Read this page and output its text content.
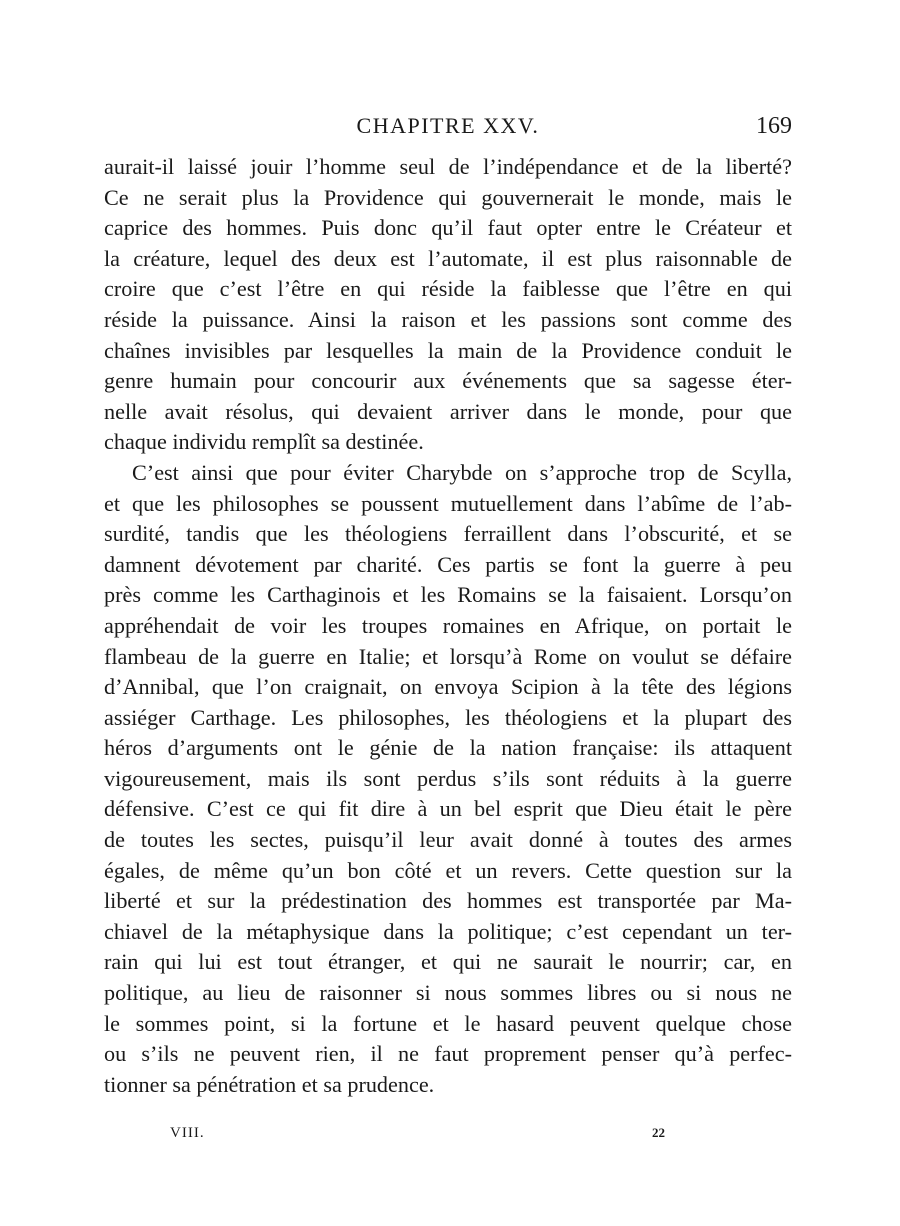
CHAPITRE XXV.	169

aurait-il laissé jouir l’homme seul de l’indépendance et de la liberté?
Ce ne serait plus la Providence qui gouvernerait le monde, mais le
caprice des hommes. Puis donc qu’il faut opter entre le Créateur et
la créature, lequel des deux est l’automate, il est plus raisonnable de
croire que c’est l’être en qui réside la faiblesse que l’être en qui
réside la puissance. Ainsi la raison et les passions sont comme des
chaînes invisibles par lesquelles la main de la Providence conduit le
genre humain pour concourir aux événements que sa sagesse éter-
nelle avait résolus, qui devaient arriver dans le monde, pour que
chaque individu remplît sa destinée.

C’est ainsi que pour éviter Charybde on s’approche trop de Scylla,
et que les philosophes se poussent mutuellement dans l’abîme de l’ab-
surdité, tandis que les théologiens ferraillent dans l’obscurité, et se
damnent dévotement par charité. Ces partis se font la guerre à peu
près comme les Carthaginois et les Romains se la faisaient. Lorsqu’on
appréhendait de voir les troupes romaines en Afrique, on portait le
flambeau de la guerre en Italie; et lorsqu’à Rome on voulut se défaire
d’Annibal, que l’on craignait, on envoya Scipion à la tête des légions
assiéger Carthage. Les philosophes, les théologiens et la plupart des
héros d’arguments ont le génie de la nation française: ils attaquent
vigoureusement, mais ils sont perdus s’ils sont réduits à la guerre
défensive. C’est ce qui fit dire à un bel esprit que Dieu était le père
de toutes les sectes, puisqu’il leur avait donné à toutes des armes
égales, de même qu’un bon côté et un revers. Cette question sur la
liberté et sur la prédestination des hommes est transportée par Ma-
chiavel de la métaphysique dans la politique; c’est cependant un ter-
rain qui lui est tout étranger, et qui ne saurait le nourrir; car, en
politique, au lieu de raisonner si nous sommes libres ou si nous ne
le sommes point, si la fortune et le hasard peuvent quelque chose
ou s’ils ne peuvent rien, il ne faut proprement penser qu’à perfec-
tionner sa pénétration et sa prudence.

VIII.	22
